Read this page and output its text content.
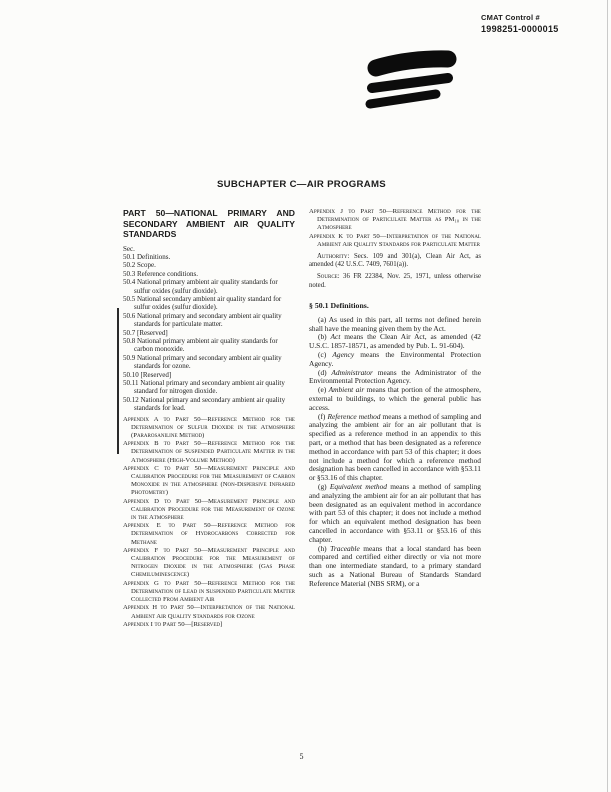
CMAT Control #
1998251-0000015
SUBCHAPTER C—AIR PROGRAMS
PART 50—NATIONAL PRIMARY AND SECONDARY AMBIENT AIR QUALITY STANDARDS
Sec.
50.1 Definitions.
50.2 Scope.
50.3 Reference conditions.
50.4 National primary ambient air quality standards for sulfur oxides (sulfur dioxide).
50.5 National secondary ambient air quality standard for sulfur oxides (sulfur dioxide).
50.6 National primary and secondary ambient air quality standards for particulate matter.
50.7 [Reserved]
50.8 National primary ambient air quality standards for carbon monoxide.
50.9 National primary and secondary ambient air quality standards for ozone.
50.10 [Reserved]
50.11 National primary and secondary ambient air quality standard for nitrogen dioxide.
50.12 National primary and secondary ambient air quality standards for lead.
Appendix A to Part 50—Reference Method for the Determination of Sulfur Dioxide in the Atmosphere (Pararosaniline Method)
Appendix B to Part 50—Reference Method for the Determination of Suspended Particulate Matter in the Atmosphere (High-Volume Method)
Appendix C to Part 50—Measurement Principle and Calibration Procedure for the Measurement of Carbon Monoxide in the Atmosphere (Non-Dispersive Infrared Photometry)
Appendix D to Part 50—Measurement Principle and Calibration Procedure for the Measurement of Ozone in the Atmosphere
Appendix E to Part 50—Reference Method for Determination of Hydrocarbons Corrected for Methane
Appendix F to Part 50—Measurement Principle and Calibration Procedure for the Measurement of Nitrogen Dioxide in the Atmosphere (Gas Phase Chemiluminescence)
Appendix G to Part 50—Reference Method for the Determination of Lead in Suspended Particulate Matter Collected From Ambient Air
Appendix H to Part 50—Interpretation of the National Ambient Air Quality Standards for Ozone
Appendix I to Part 50—[Reserved]
Appendix J to Part 50—Reference Method for the Determination of Particulate Matter as PM₁₀ in the Atmosphere
Appendix K to Part 50—Interpretation of the National Ambient Air Quality Standards for Particulate Matter

Authority: Secs. 109 and 301(a), Clean Air Act, as amended (42 U.S.C. 7409, 7601(a)).

Source: 36 FR 22384, Nov. 25, 1971, unless otherwise noted.

§ 50.1 Definitions.

(a) As used in this part, all terms not defined herein shall have the meaning given them by the Act.

(b) Act means the Clean Air Act, as amended (42 U.S.C. 1857-18571, as amended by Pub. L. 91-604).

(c) Agency means the Environmental Protection Agency.

(d) Administrator means the Administrator of the Environmental Protection Agency.

(e) Ambient air means that portion of the atmosphere, external to buildings, to which the general public has access.

(f) Reference method means a method of sampling and analyzing the ambient air for an air pollutant that is specified as a reference method in an appendix to this part, or a method that has been designated as a reference method in accordance with part 53 of this chapter; it does not include a method for which a reference method designation has been cancelled in accordance with §53.11 or §53.16 of this chapter.

(g) Equivalent method means a method of sampling and analyzing the ambient air for an air pollutant that has been designated as an equivalent method in accordance with part 53 of this chapter; it does not include a method for which an equivalent method designation has been cancelled in accordance with §53.11 or §53.16 of this chapter.

(h) Traceable means that a local standard has been compared and certified either directly or via not more than one intermediate standard, to a primary standard such as a National Bureau of Standards Standard Reference Material (NBS SRM), or a

5
